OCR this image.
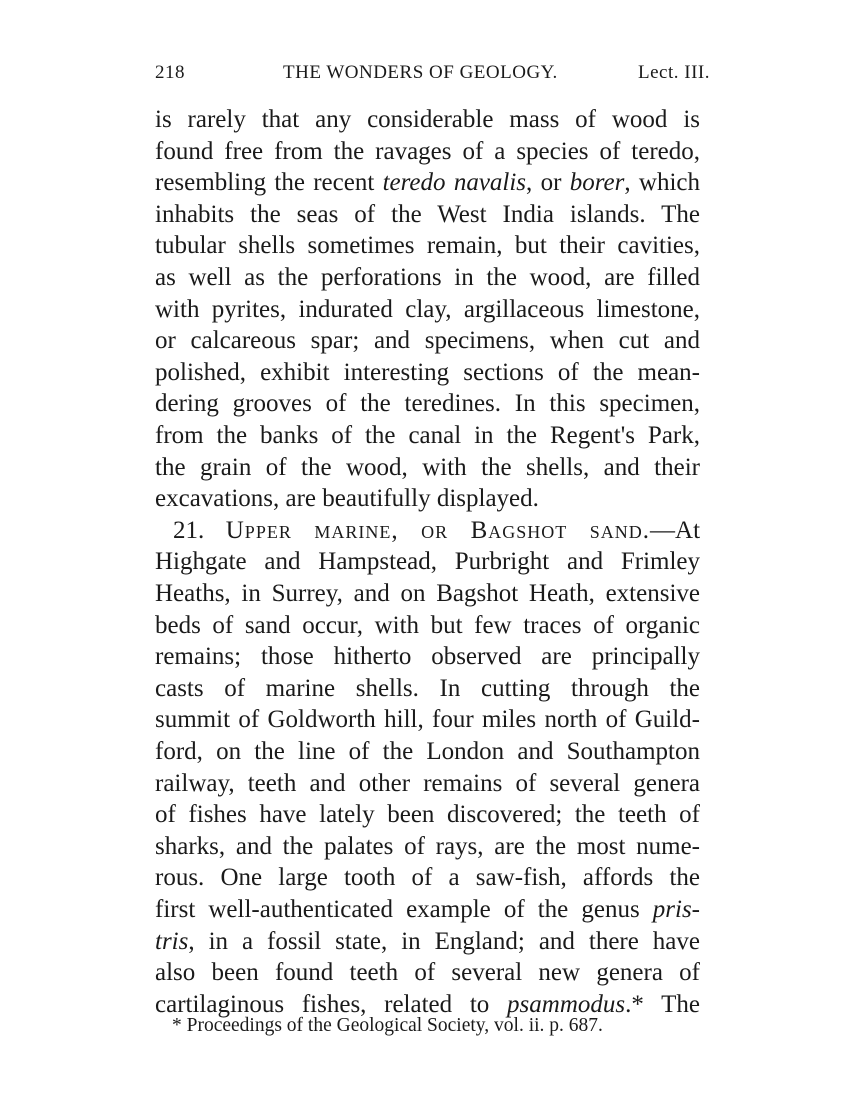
218	THE WONDERS OF GEOLOGY.	Lect. III.
is rarely that any considerable mass of wood is
found free from the ravages of a species of teredo,
resembling the recent teredo navalis, or borer, which
inhabits the seas of the West India islands. The
tubular shells sometimes remain, but their cavities,
as well as the perforations in the wood, are filled
with pyrites, indurated clay, argillaceous limestone,
or calcareous spar; and specimens, when cut and
polished, exhibit interesting sections of the mean-
dering grooves of the teredines. In this specimen,
from the banks of the canal in the Regent's Park,
the grain of the wood, with the shells, and their
excavations, are beautifully displayed.
21. Upper marine, or Bagshot sand.—At
Highgate and Hampstead, Purbright and Frimley
Heaths, in Surrey, and on Bagshot Heath, extensive
beds of sand occur, with but few traces of organic
remains; those hitherto observed are principally
casts of marine shells. In cutting through the
summit of Goldworth hill, four miles north of Guild-
ford, on the line of the London and Southampton
railway, teeth and other remains of several genera
of fishes have lately been discovered; the teeth of
sharks, and the palates of rays, are the most nume-
rous. One large tooth of a saw-fish, affords the
first well-authenticated example of the genus pris-
tris, in a fossil state, in England; and there have
also been found teeth of several new genera of
cartilaginous fishes, related to psammodus.* The
* Proceedings of the Geological Society, vol. ii. p. 687.
